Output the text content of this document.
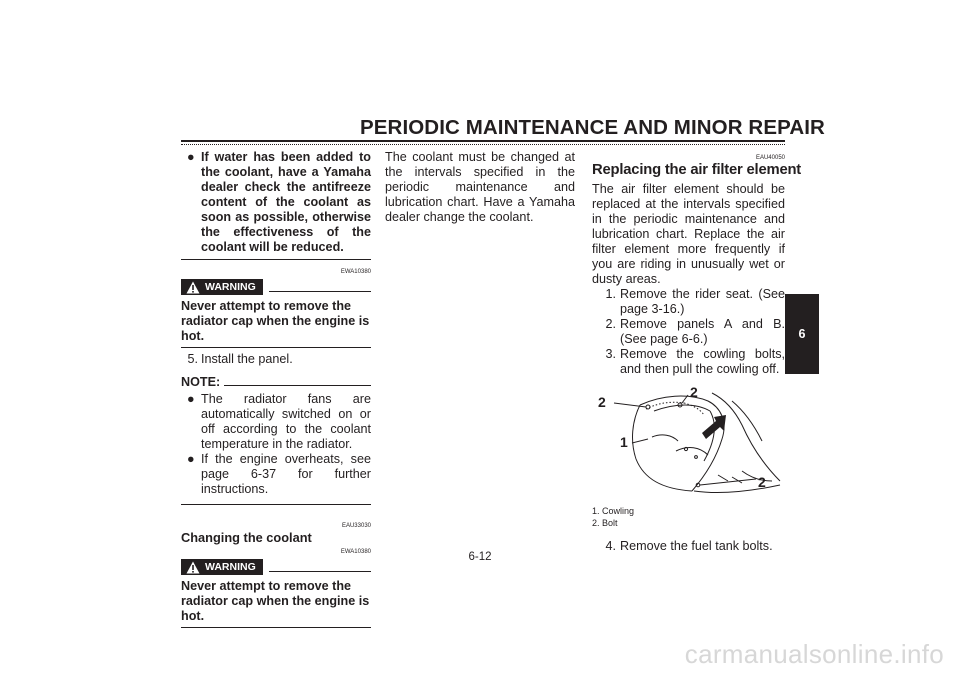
PERIODIC MAINTENANCE AND MINOR REPAIR
● If water has been added to the coolant, have a Yamaha dealer check the antifreeze content of the coolant as soon as possible, otherwise the effectiveness of the coolant will be reduced.
EWA10380
WARNING
Never attempt to remove the radiator cap when the engine is hot.
5. Install the panel.
NOTE:
● The radiator fans are automatically switched on or off according to the coolant temperature in the radiator.
● If the engine overheats, see page 6-37 for further instructions.
EAU33030
Changing the coolant
EWA10380
WARNING
Never attempt to remove the radiator cap when the engine is hot.
The coolant must be changed at the intervals specified in the periodic maintenance and lubrication chart. Have a Yamaha dealer change the coolant.
EAU40050
Replacing the air filter element
The air filter element should be replaced at the intervals specified in the periodic maintenance and lubrication chart. Replace the air filter element more frequently if you are riding in unusually wet or dusty areas.
1. Remove the rider seat. (See page 3-16.)
2. Remove panels A and B. (See page 6-6.)
3. Remove the cowling bolts, and then pull the cowling off.
2
2
1
2
1. Cowling
2. Bolt
4. Remove the fuel tank bolts.
6
6-12
carmanualsonline.info
